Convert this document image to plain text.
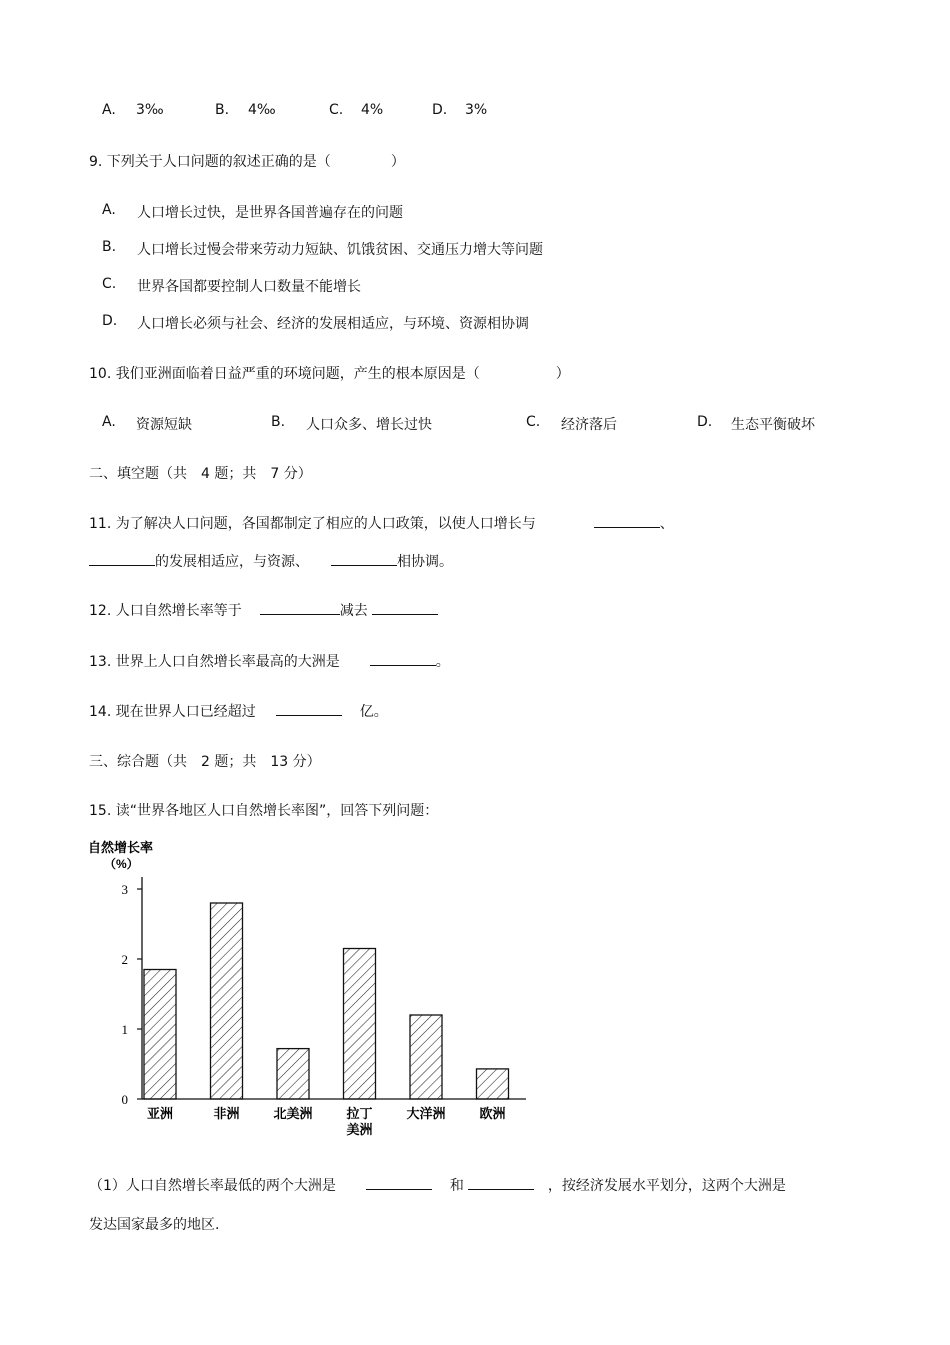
A. 3‰	B. 4‰	C. 4%	D. 3%
9. 下列关于人口问题的叙述正确的是（	）
A. 人口增长过快，是世界各国普遍存在的问题
B. 人口增长过慢会带来劳动力短缺、饥饿贫困、交通压力增大等问题
C. 世界各国都要控制人口数量不能增长
D. 人口增长必须与社会、经济的发展相适应，与环境、资源相协调
10. 我们亚洲面临着日益严重的环境问题，产生的根本原因是（	）
A. 资源短缺	B. 人口众多、增长过快	C. 经济落后	D. 生态平衡破坏
二、填空题（共　4 题；共　7 分）
11. 为了解决人口问题，各国都制定了相应的人口政策，以使人口增长与	、
的发展相适应，与资源、	相协调。
12. 人口自然增长率等于	减去
13. 世界上人口自然增长率最高的大洲是	。
14. 现在世界人口已经超过	亿。
三、综合题（共　2 题；共　13 分）
15. 读“世界各地区人口自然增长率图”，回答下列问题：
自然增长率
（%）
0
1
2
3
亚洲	非洲	北美洲	拉丁
美洲
大洋洲	欧洲
（1）人口自然增长率最低的两个大洲是	和	，按经济发展水平划分，这两个大洲是
发达国家最多的地区.
